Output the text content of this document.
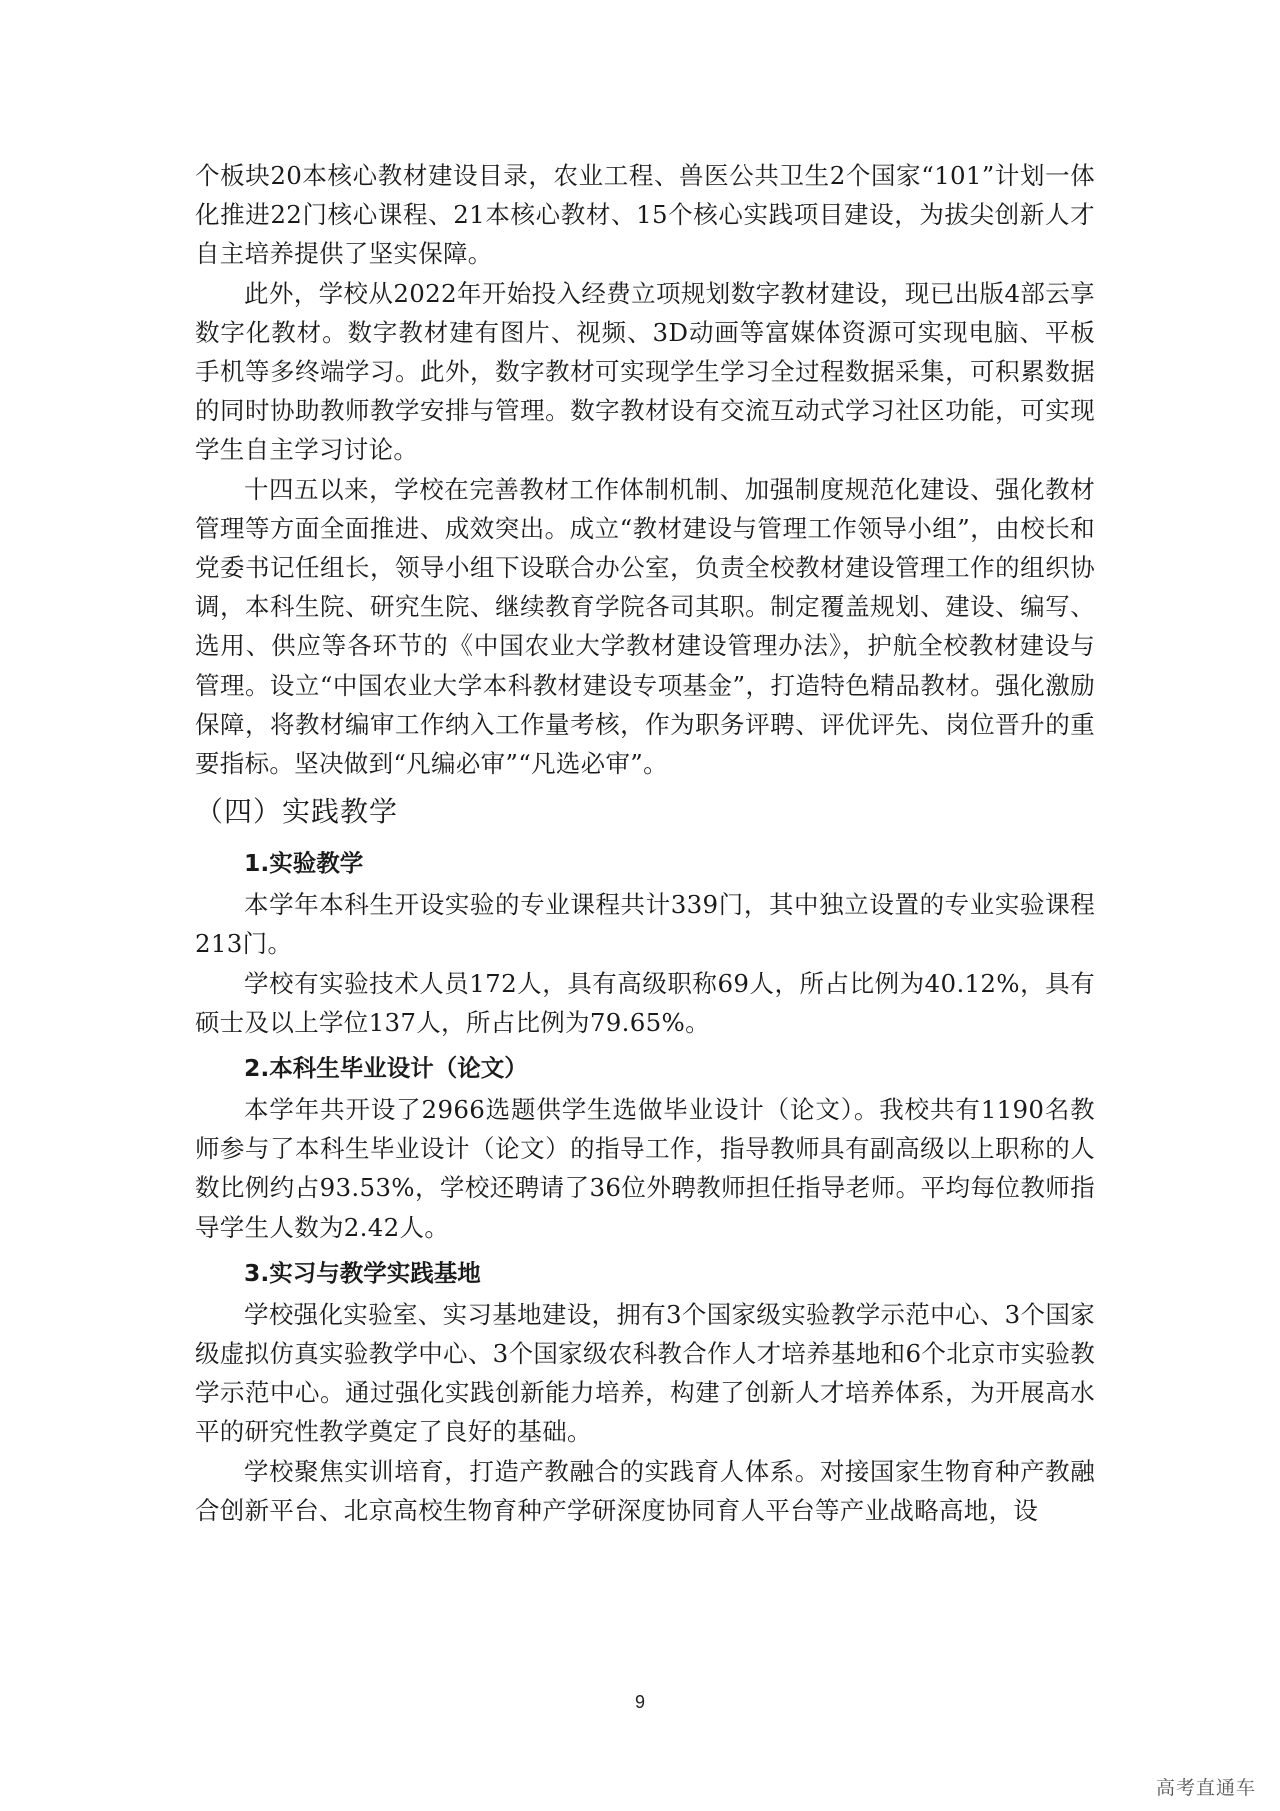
个板块20本核心教材建设目录，农业工程、兽医公共卫生2个国家“101”计划一体化推进22门核心课程、21本核心教材、15个核心实践项目建设，为拔尖创新人才自主培养提供了坚实保障。

此外，学校从2022年开始投入经费立项规划数字教材建设，现已出版4部云享数字化教材。数字教材建有图片、视频、3D动画等富媒体资源可实现电脑、平板手机等多终端学习。此外，数字教材可实现学生学习全过程数据采集，可积累数据的同时协助教师教学安排与管理。数字教材设有交流互动式学习社区功能，可实现学生自主学习讨论。

十四五以来，学校在完善教材工作体制机制、加强制度规范化建设、强化教材管理等方面全面推进、成效突出。成立“教材建设与管理工作领导小组”，由校长和党委书记任组长，领导小组下设联合办公室，负责全校教材建设管理工作的组织协调，本科生院、研究生院、继续教育学院各司其职。制定覆盖规划、建设、编写、选用、供应等各环节的《中国农业大学教材建设管理办法》，护航全校教材建设与管理。设立“中国农业大学本科教材建设专项基金”，打造特色精品教材。强化激励保障，将教材编审工作纳入工作量考核，作为职务评聘、评优评先、岗位晋升的重要指标。坚决做到“凡编必审”“凡选必审”。

（四）实践教学
1.实验教学

本学年本科生开设实验的专业课程共计339门，其中独立设置的专业实验课程213门。

学校有实验技术人员172人，具有高级职称69人，所占比例为40.12%，具有硕士及以上学位137人，所占比例为79.65%。

2.本科生毕业设计（论文）

本学年共开设了2966选题供学生选做毕业设计（论文）。我校共有1190名教师参与了本科生毕业设计（论文）的指导工作，指导教师具有副高级以上职称的人数比例约占93.53%，学校还聘请了36位外聘教师担任指导老师。平均每位教师指导学生人数为2.42人。

3.实习与教学实践基地

学校强化实验室、实习基地建设，拥有3个国家级实验教学示范中心、3个国家级虚拟仿真实验教学中心、3个国家级农科教合作人才培养基地和6个北京市实验教学示范中心。通过强化实践创新能力培养，构建了创新人才培养体系，为开展高水平的研究性教学奠定了良好的基础。

学校聚焦实训培育，打造产教融合的实践育人体系。对接国家生物育种产教融合创新平台、北京高校生物育种产学研深度协同育人平台等产业战略高地，设

9
高考直通车
